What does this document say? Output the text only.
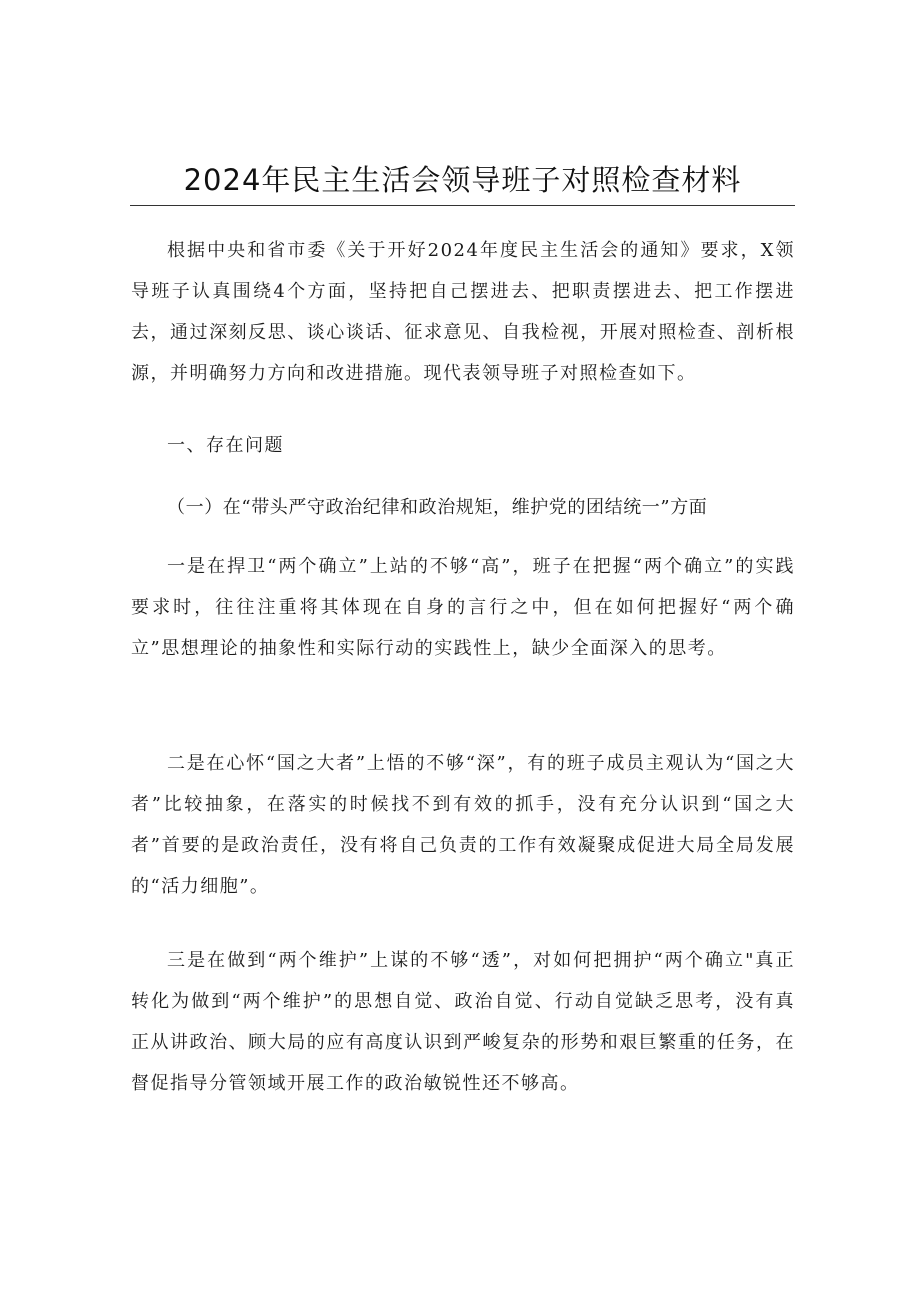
2024年民主生活会领导班子对照检查材料

根据中央和省市委《关于开好2024年度民主生活会的通知》要求，X领导班子认真围绕4个方面，坚持把自己摆进去、把职责摆进去、把工作摆进去，通过深刻反思、谈心谈话、征求意见、自我检视，开展对照检查、剖析根源，并明确努力方向和改进措施。现代表领导班子对照检查如下。

一、存在问题

（一）在“带头严守政治纪律和政治规矩，维护党的团结统一”方面

一是在捍卫“两个确立”上站的不够“高”，班子在把握“两个确立”的实践要求时，往往注重将其体现在自身的言行之中，但在如何把握好“两个确立”思想理论的抽象性和实际行动的实践性上，缺少全面深入的思考。

二是在心怀“国之大者”上悟的不够“深”，有的班子成员主观认为“国之大者”比较抽象，在落实的时候找不到有效的抓手，没有充分认识到“国之大者”首要的是政治责任，没有将自己负责的工作有效凝聚成促进大局全局发展的“活力细胞”。

三是在做到“两个维护”上谋的不够“透”，对如何把拥护“两个确立"真正转化为做到“两个维护”的思想自觉、政治自觉、行动自觉缺乏思考，没有真正从讲政治、顾大局的应有高度认识到严峻复杂的形势和艰巨繁重的任务，在督促指导分管领域开展工作的政治敏锐性还不够高。
